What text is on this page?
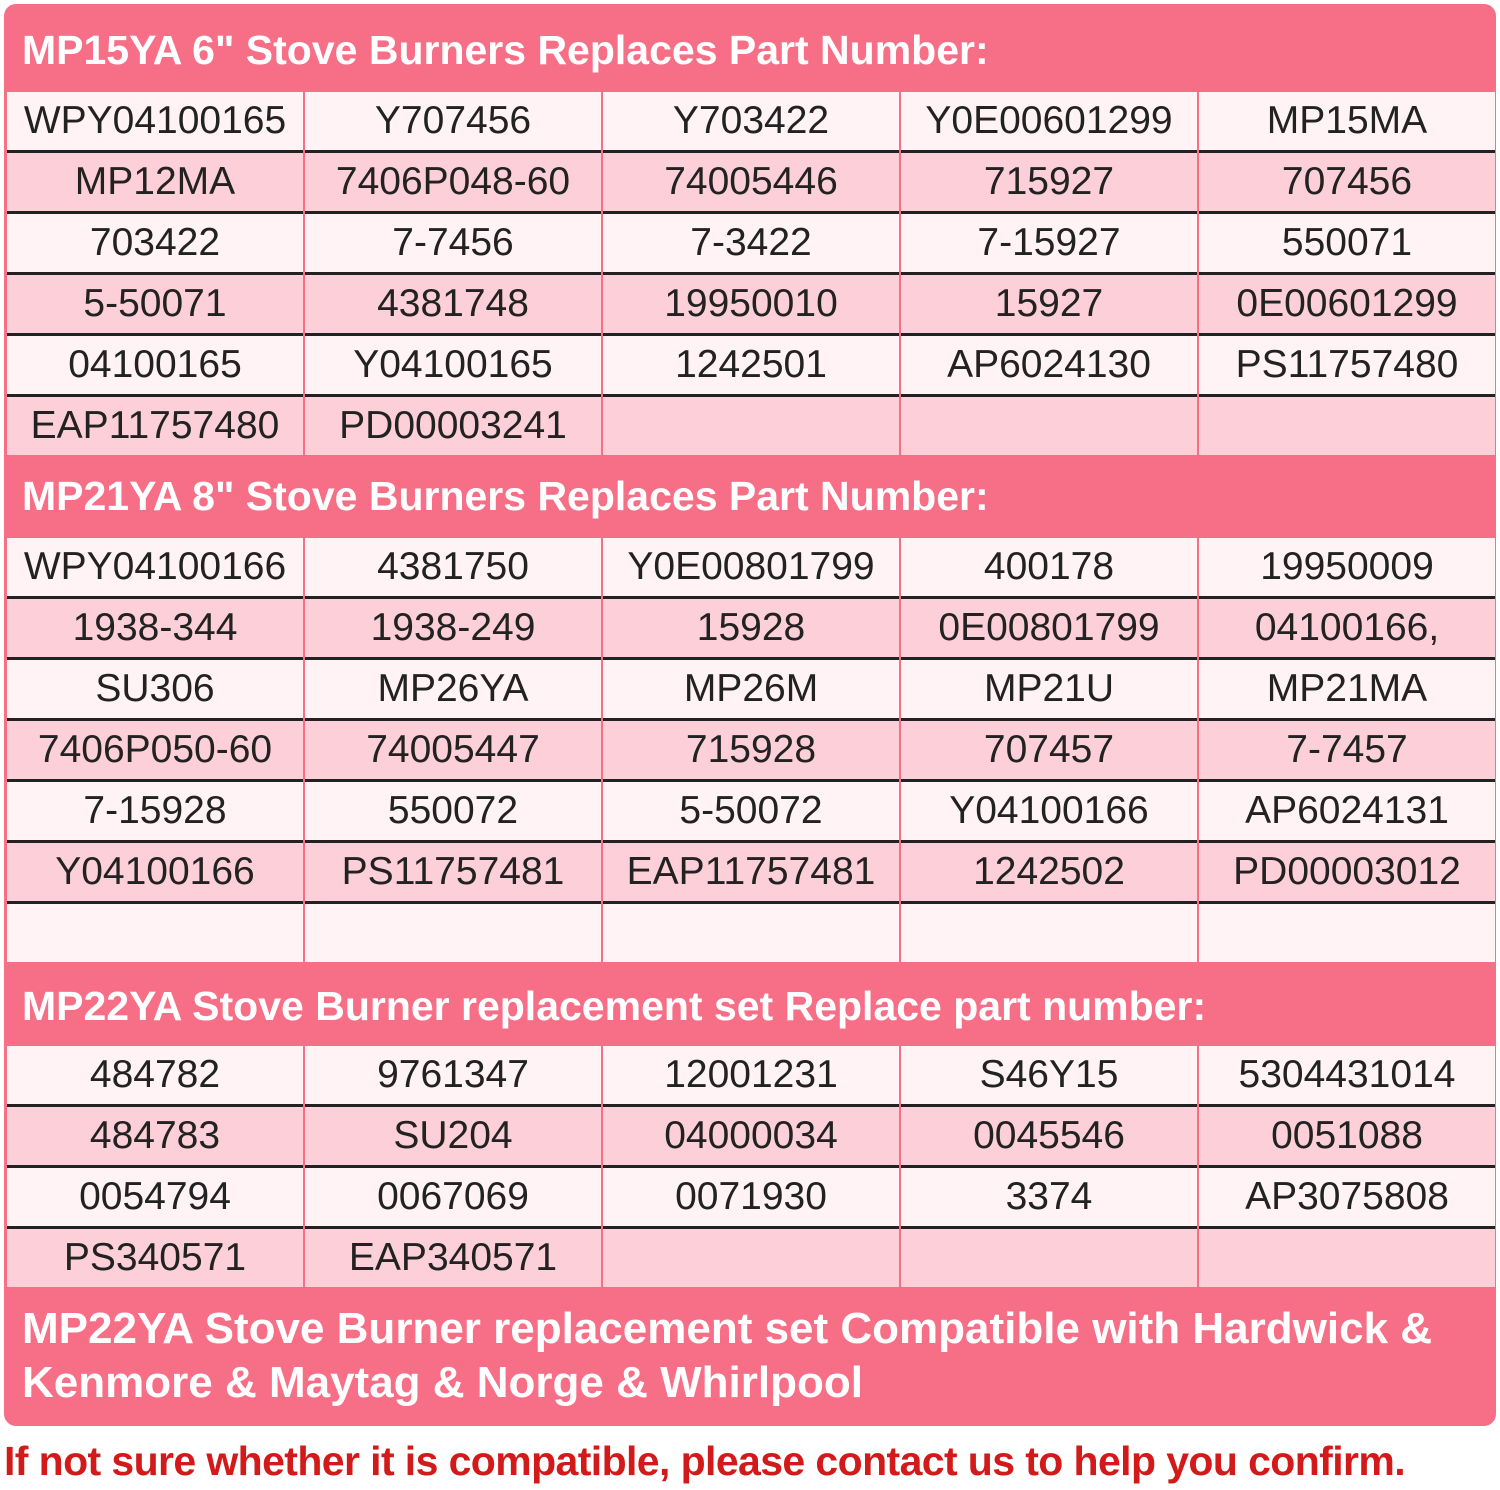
MP15YA 6" Stove Burners Replaces Part Number:
WPY04100165	Y707456	Y703422	Y0E00601299	MP15MA
MP12MA	7406P048-60	74005446	715927	707456
703422	7-7456	7-3422	7-15927	550071
5-50071	4381748	19950010	15927	0E00601299
04100165	Y04100165	1242501	AP6024130	PS11757480
EAP11757480	PD00003241
MP21YA 8" Stove Burners Replaces Part Number:
WPY04100166	4381750	Y0E00801799	400178	19950009
1938-344	1938-249	15928	0E00801799	04100166,
SU306	MP26YA	MP26M	MP21U	MP21MA
7406P050-60	74005447	715928	707457	7-7457
7-15928	550072	5-50072	Y04100166	AP6024131
Y04100166	PS11757481	EAP11757481	1242502	PD00003012
MP22YA Stove Burner replacement set Replace part number:
484782	9761347	12001231	S46Y15	5304431014
484783	SU204	04000034	0045546	0051088
0054794	0067069	0071930	3374	AP3075808
PS340571	EAP340571
MP22YA Stove Burner replacement set Compatible with Hardwick & Kenmore & Maytag & Norge & Whirlpool
If not sure whether it is compatible, please contact us to help you confirm.
